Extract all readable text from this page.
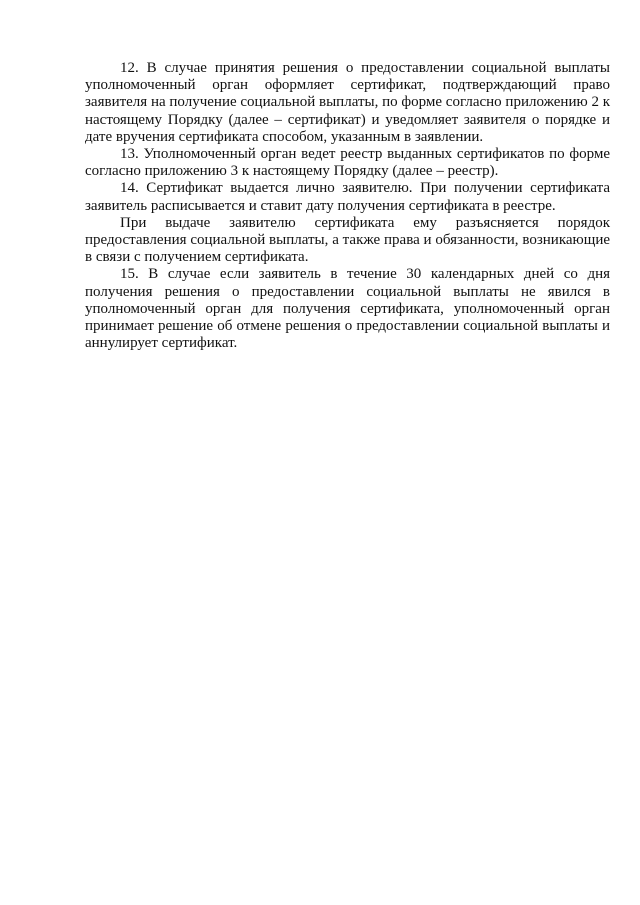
12. В случае принятия решения о предоставлении социальной выплаты уполномоченный орган оформляет сертификат, подтверждающий право заявителя на получение социальной выплаты, по форме согласно приложению 2 к настоящему Порядку (далее – сертификат) и уведомляет заявителя о порядке и дате вручения сертификата способом, указанным в заявлении.

13. Уполномоченный орган ведет реестр выданных сертификатов по форме согласно приложению 3 к настоящему Порядку (далее – реестр).

14. Сертификат выдается лично заявителю. При получении сертификата заявитель расписывается и ставит дату получения сертификата в реестре.

При выдаче заявителю сертификата ему разъясняется порядок предоставления социальной выплаты, а также права и обязанности, возникающие в связи с получением сертификата.

15. В случае если заявитель в течение 30 календарных дней со дня получения решения о предоставлении социальной выплаты не явился в уполномоченный орган для получения сертификата, уполномоченный орган принимает решение об отмене решения о предоставлении социальной выплаты и аннулирует сертификат.
